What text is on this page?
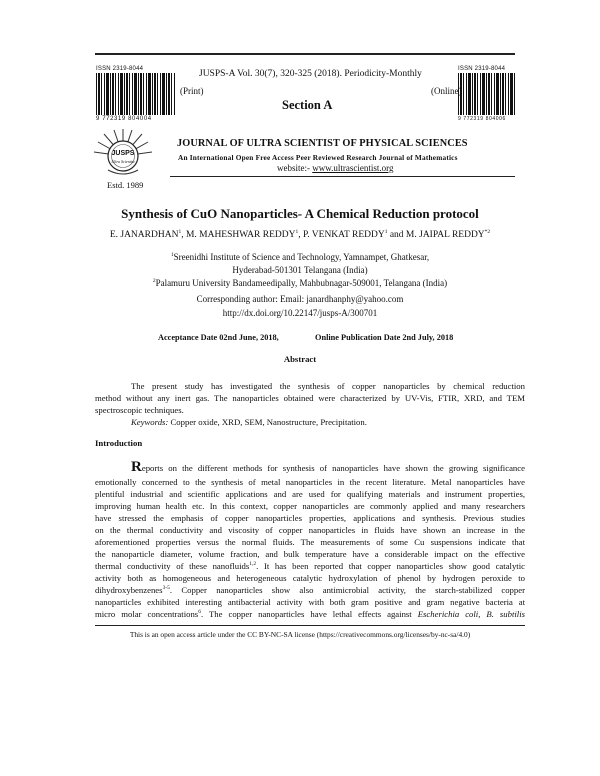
ISSN 2319-8044
9 772319 804004
ISSN 2319-8044
9 772319 804006
JUSPS-A Vol. 30(7), 320-325 (2018). Periodicity-Monthly
(Print)	(Online)
Section A
JUSPS
Ultra Scientist
Estd. 1989
JOURNAL OF ULTRA SCIENTIST OF PHYSICAL SCIENCES
An International Open Free Access Peer Reviewed Research Journal of Mathematics
website:- www.ultrascientist.org
Synthesis of CuO Nanoparticles- A Chemical Reduction protocol
E. JANARDHAN$^1$, M. MAHESHWAR REDDY$^1$, P. VENKAT REDDY$^1$ and M. JAIPAL REDDY$^{*2}$
$^1$Sreenidhi Institute of Science and Technology, Yamnampet, Ghatkesar,
Hyderabad-501301 Telangana (India)
$^2$Palamuru University Bandameedipally, Mahbubnagar-509001, Telangana (India)
Corresponding author: Email: janardhanphy@yahoo.com
http://dx.doi.org/10.22147/jusps-A/300701
Acceptance Date 02nd June, 2018,	Online Publication Date 2nd July, 2018
Abstract
The present study has investigated the synthesis of copper nanoparticles by chemical reduction
method without any inert gas. The nanoparticles obtained were characterized by UV-Vis, FTIR, XRD, and TEM
spectroscopic techniques.
Keywords: Copper oxide, XRD, SEM, Nanostructure, Precipitation.
Introduction
Reports on the different methods for synthesis of nanoparticles have shown the growing significance
emotionally concerned to the synthesis of metal nanoparticles in the recent literature. Metal nanoparticles have
plentiful industrial and scientific applications and are used for qualifying materials and instrument properties,
improving human health etc. In this context, copper nanoparticles are commonly applied and many researchers
have stressed the emphasis of copper nanoparticles properties, applications and synthesis. Previous studies
on the thermal conductivity and viscosity of copper nanoparticles in fluids have shown an increase in the
aforementioned properties versus the normal fluids. The measurements of some Cu suspensions indicate that
the nanoparticle diameter, volume fraction, and bulk temperature have a considerable impact on the effective
thermal conductivity of these nanofluids$^{1,2}$. It has been reported that copper nanoparticles show good catalytic
activity both as homogeneous and heterogeneous catalytic hydroxylation of phenol by hydrogen peroxide to
dihydroxybenzenes$^{3-5}$. Copper nanoparticles show also antimicrobial activity, the starch-stabilized copper
nanoparticles exhibited interesting antibacterial activity with both gram positive and gram negative bacteria at
micro molar concentrations$^6$. The copper nanoparticles have lethal effects against Escherichia coli, B. subtilis
This is an open access article under the CC BY-NC-SA license (https://creativecommons.org/licenses/by-nc-sa/4.0)
